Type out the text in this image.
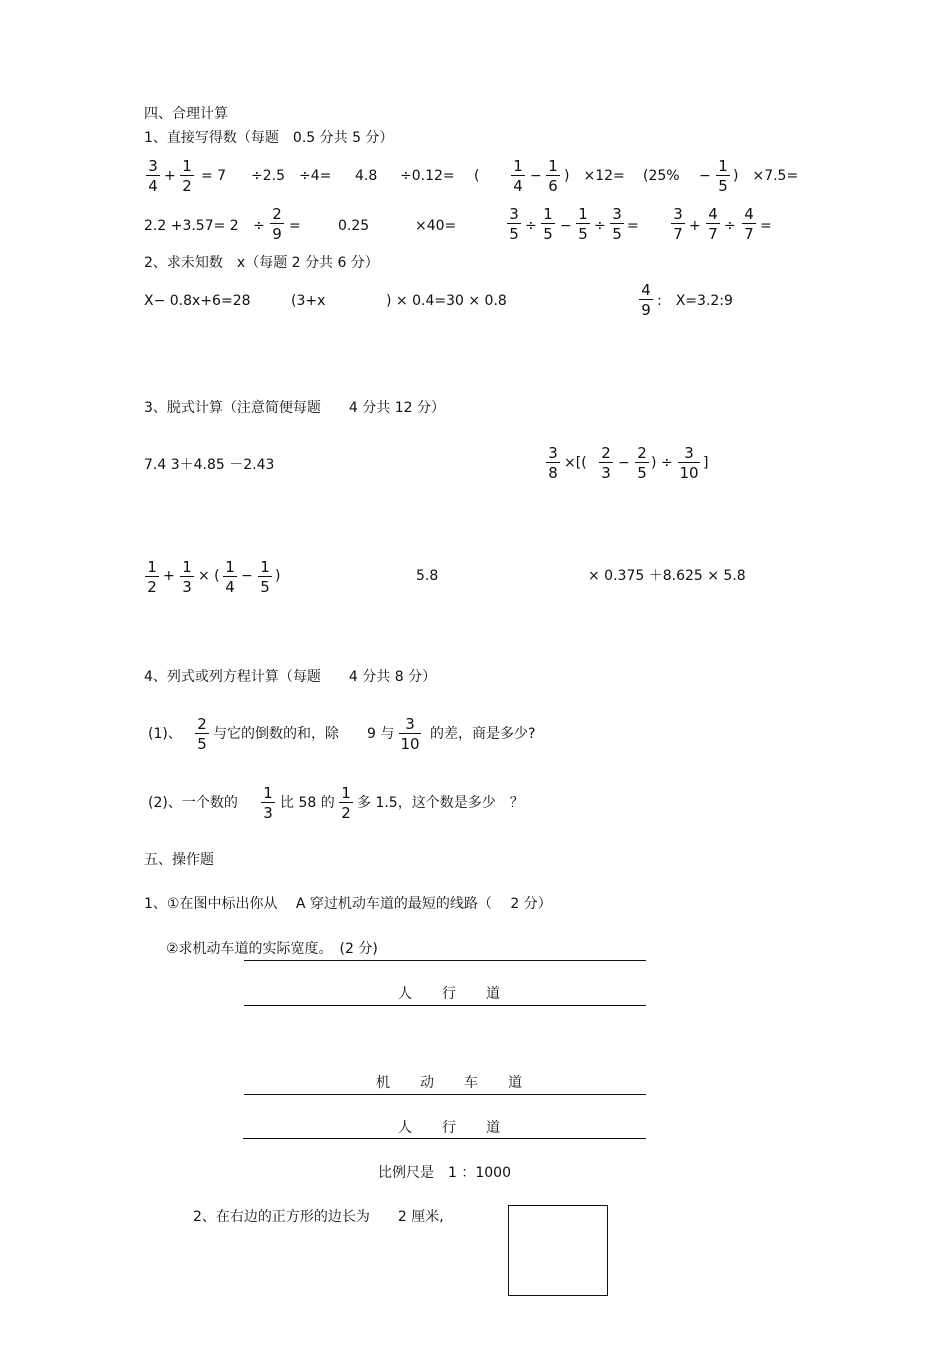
四、合理计算
1、直接写得数（每题　0.5 分共 5 分）
3
4
+
1
2
= 7 ÷2.5 ÷4= 4.8 ÷0.12= (
1
4
−
1
6
)　×12= (25% −
1
5
)　×7.5=
2.2 +3.57= 2 ÷
2
9 =	0.25	×40=
3
5 ÷
1
5 −
1
5 ÷
3
5 =
3
7 +
4
7 ÷
4
7 =
2、求未知数　x（每题 2 分共 6 分）
X− 0.8x+6=28	(3+x	) × 0.4=30 × 0.8
4
9 :　X=3.2:9
3、脱式计算（注意简便每题　　4 分共 12 分）
7.4 3＋4.85 －2.43
3
8
×[(
2
3
−
2
5
) ÷
3
10
]
1
2
+ 1
3
× ( 1
4
− 1
5
)	5.8	× 0.375 ＋8.625 × 5.8
4、列式或列方程计算（每题　　4 分共 8 分）
(1)、
2
5
与它的倒数的和，除　　9 与
3
10
的差，商是多少?
(2)、一个数的
1
3
比 58 的
1
2
多 1.5，这个数是多少　？
五、操作题
1、①在图中标出你从　 A 穿过机动车道的最短的线路（　 2 分）
②求机动车道的实际宽度。　(2 分)
人行道
机动车道
人行道
比例尺是　1 ：1000
2、在右边的正方形的边长为　　2 厘米,
